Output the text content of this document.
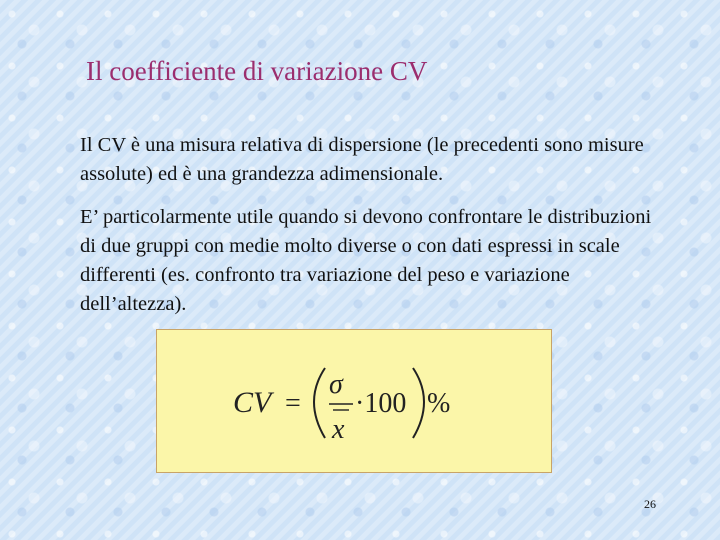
Il coefficiente di variazione CV

Il CV è una misura relativa di dispersione (le precedenti sono misure assolute) ed è una grandezza adimensionale.

E’ particolarmente utile quando si devono confrontare le distribuzioni di due gruppi con medie molto diverse o con dati espressi in scale differenti (es. confronto tra variazione del peso e variazione dell’altezza).

CV =
σ
x
·100 %
26
